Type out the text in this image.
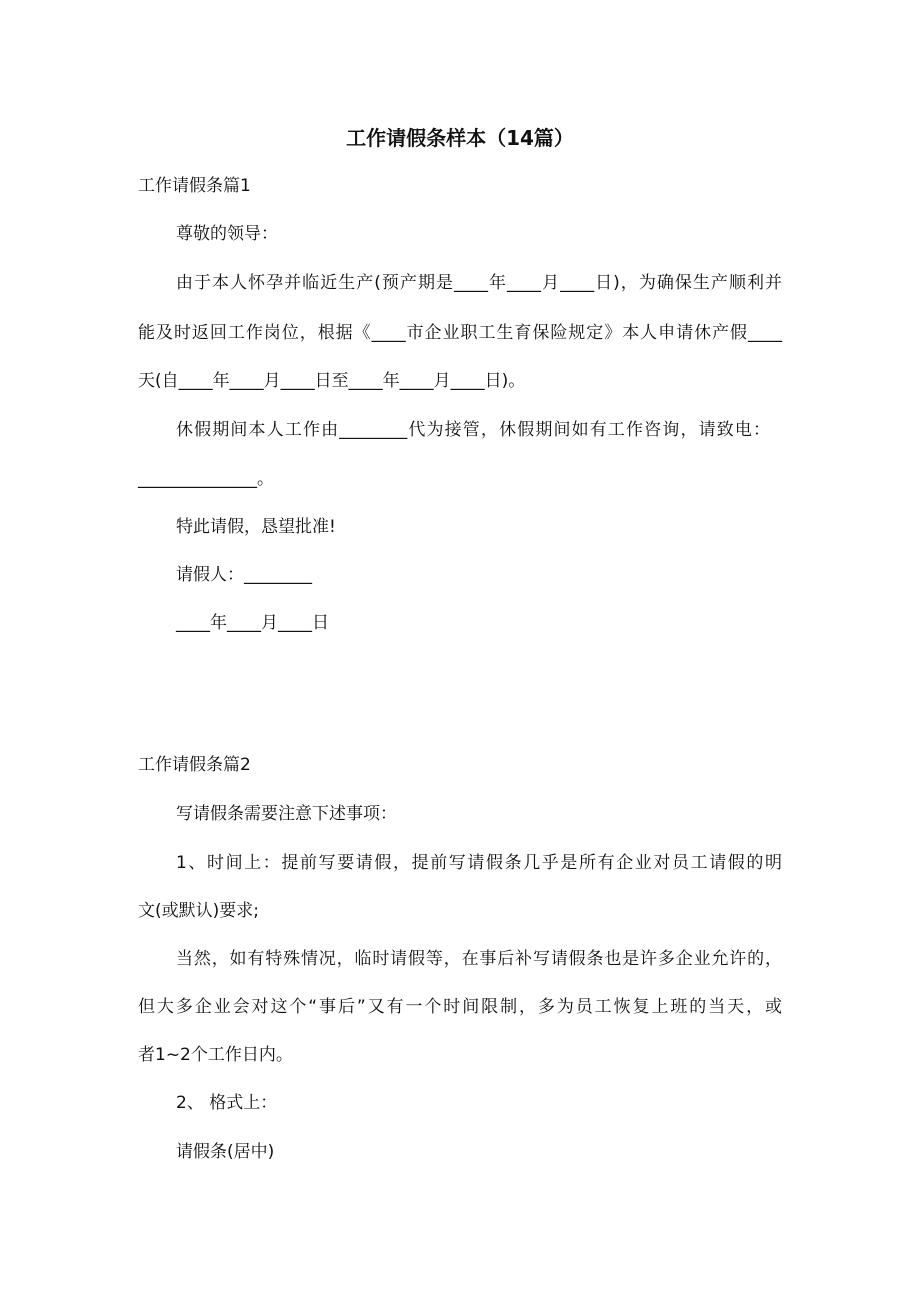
工作请假条样本（14篇）
工作请假条篇1
尊敬的领导：
由于本人怀孕并临近生产(预产期是____年____月____日)，为确保生产顺利并
能及时返回工作岗位，根据《____市企业职工生育保险规定》本人申请休产假____
天(自____年____月____日至____年____月____日)。
休假期间本人工作由________代为接管，休假期间如有工作咨询，请致电：
______________。
特此请假，恳望批准!
请假人：________
____年____月____日
工作请假条篇2
写请假条需要注意下述事项：
1、时间上：提前写要请假，提前写请假条几乎是所有企业对员工请假的明
文(或默认)要求;
当然，如有特殊情况，临时请假等，在事后补写请假条也是许多企业允许的，
但大多企业会对这个“事后”又有一个时间限制，多为员工恢复上班的当天，或
者1~2个工作日内。
2、 格式上：
请假条(居中)
